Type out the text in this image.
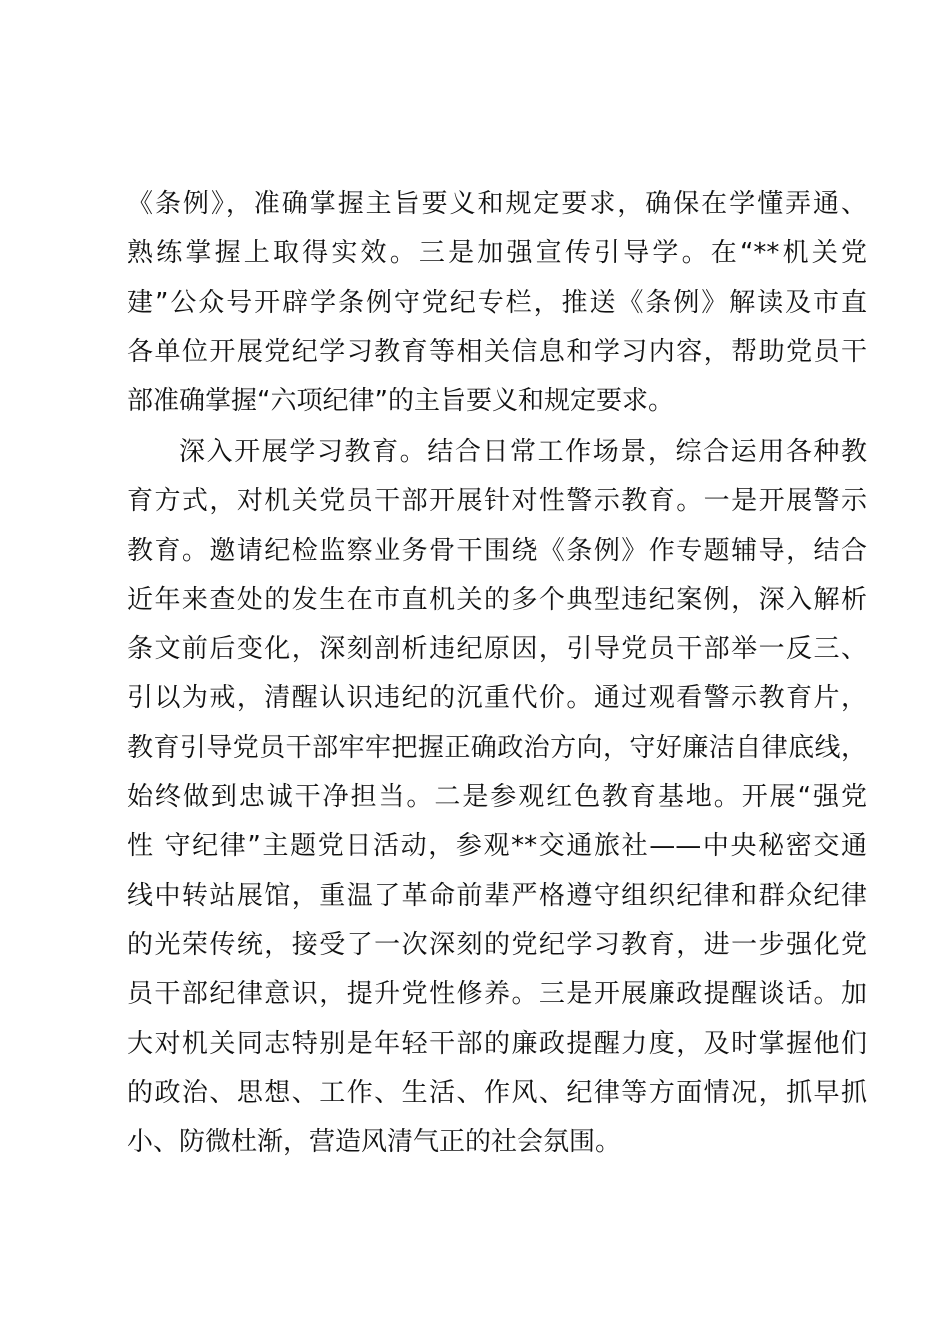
《条例》，准确掌握主旨要义和规定要求，确保在学懂弄通、
熟练掌握上取得实效。三是加强宣传引导学。在“**机关党
建”公众号开辟学条例守党纪专栏，推送《条例》解读及市直
各单位开展党纪学习教育等相关信息和学习内容，帮助党员干
部准确掌握“六项纪律”的主旨要义和规定要求。
深入开展学习教育。结合日常工作场景，综合运用各种教
育方式，对机关党员干部开展针对性警示教育。一是开展警示
教育。邀请纪检监察业务骨干围绕《条例》作专题辅导，结合
近年来查处的发生在市直机关的多个典型违纪案例，深入解析
条文前后变化，深刻剖析违纪原因，引导党员干部举一反三、
引以为戒，清醒认识违纪的沉重代价。通过观看警示教育片，
教育引导党员干部牢牢把握正确政治方向，守好廉洁自律底线，
始终做到忠诚干净担当。二是参观红色教育基地。开展“强党
性 守纪律”主题党日活动，参观**交通旅社——中央秘密交通
线中转站展馆，重温了革命前辈严格遵守组织纪律和群众纪律
的光荣传统，接受了一次深刻的党纪学习教育，进一步强化党
员干部纪律意识，提升党性修养。三是开展廉政提醒谈话。加
大对机关同志特别是年轻干部的廉政提醒力度，及时掌握他们
的政治、思想、工作、生活、作风、纪律等方面情况，抓早抓
小、防微杜渐，营造风清气正的社会氛围。
